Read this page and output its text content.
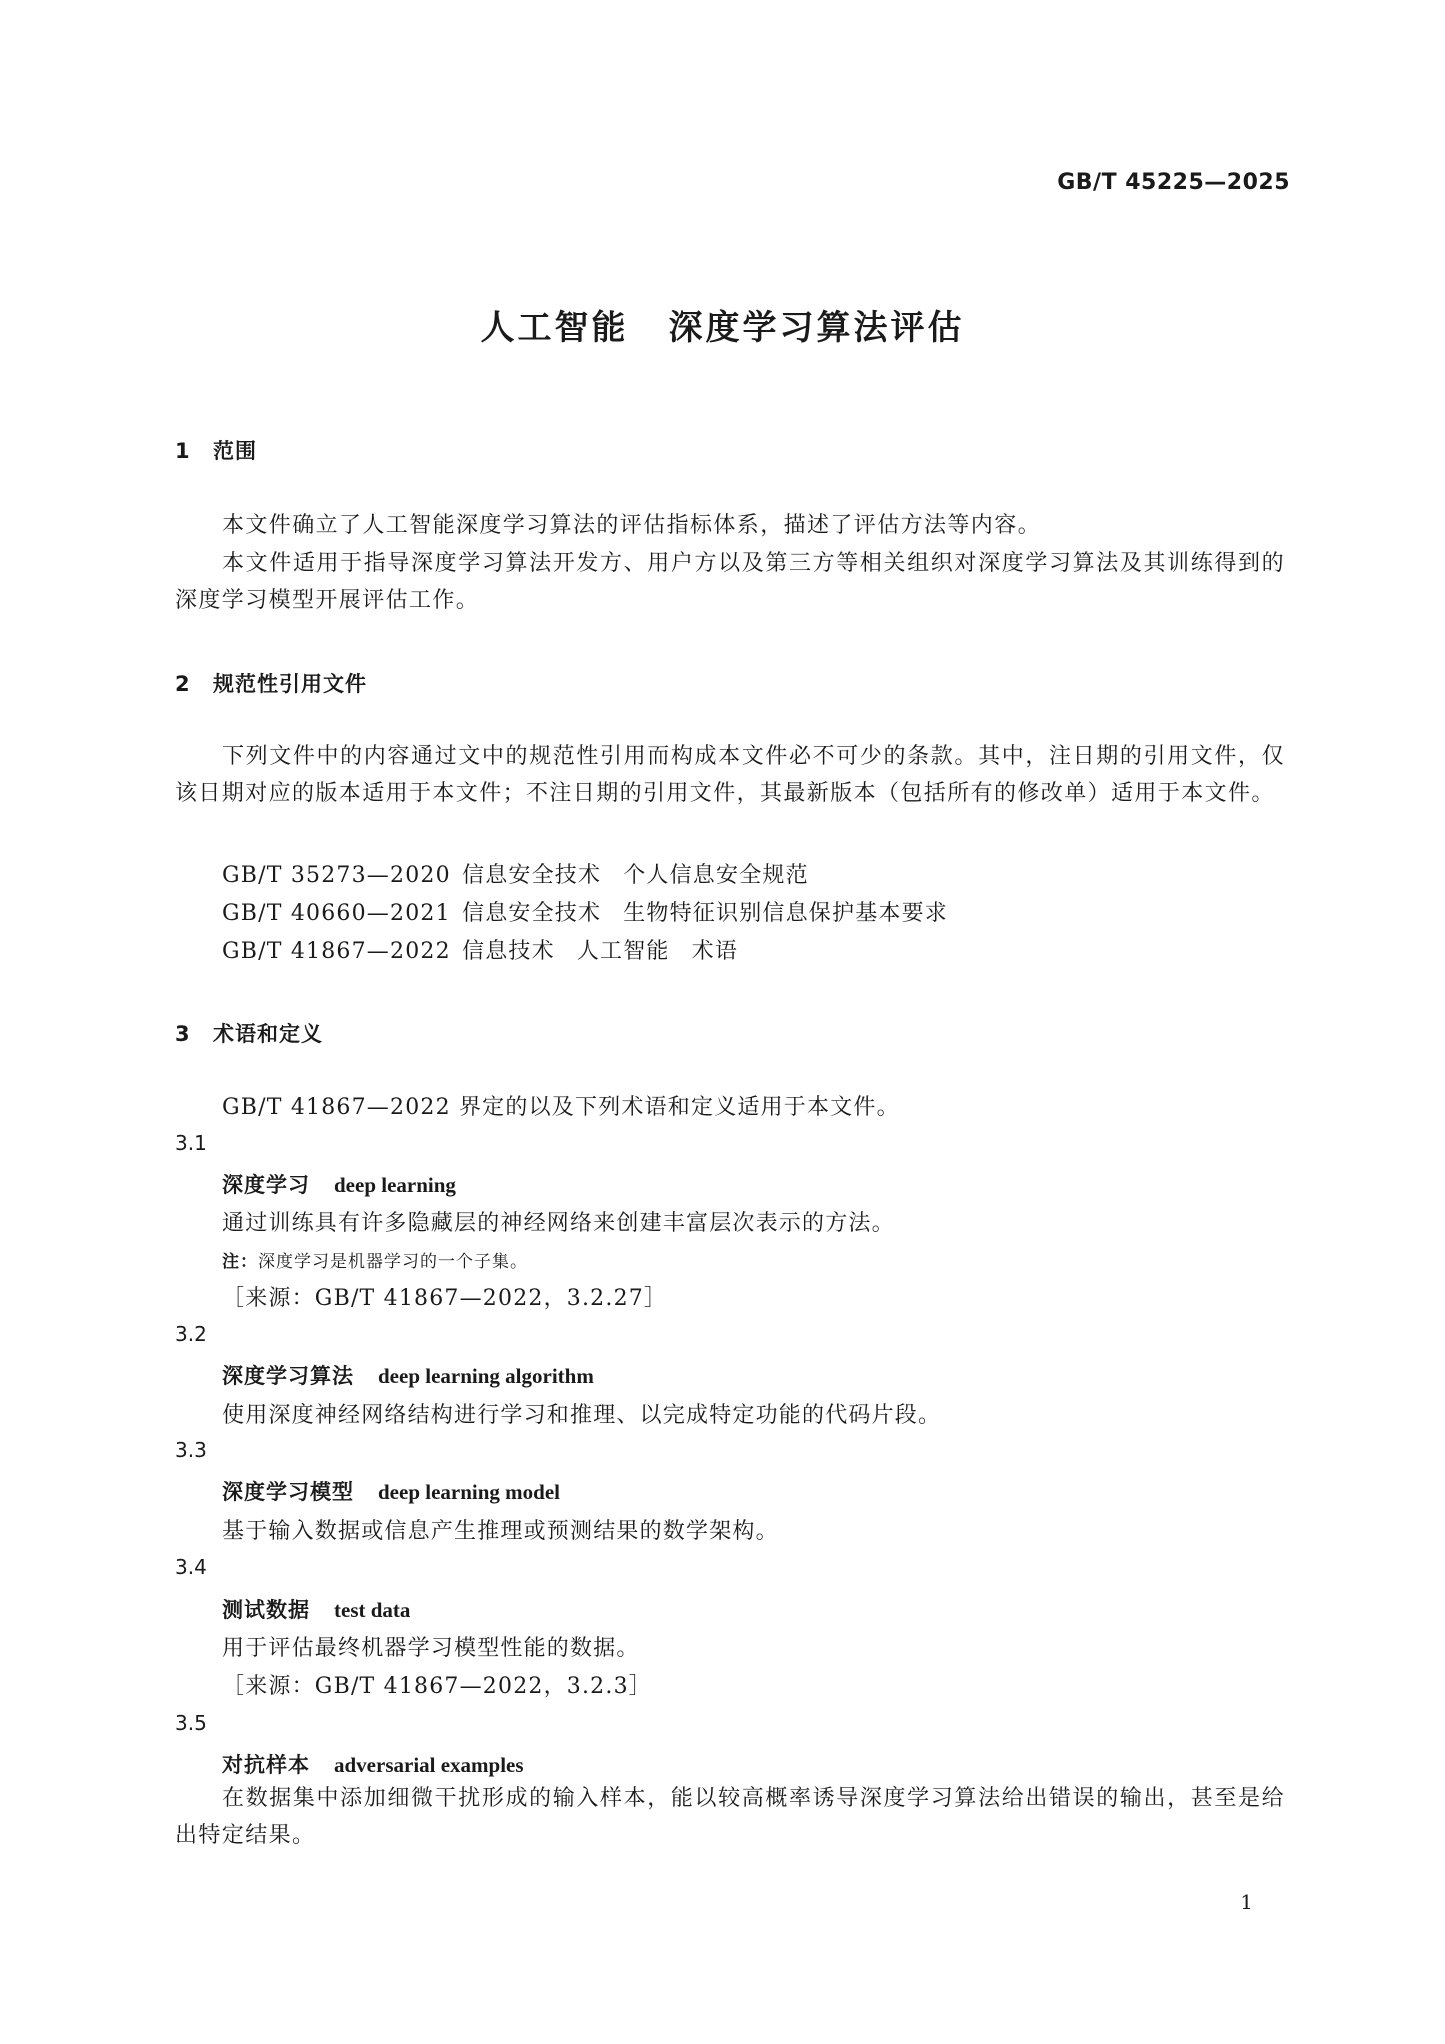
GB/T 45225—2025
人工智能 深度学习算法评估
1 范围

本文件确立了人工智能深度学习算法的评估指标体系，描述了评估方法等内容。

本文件适用于指导深度学习算法开发方、用户方以及第三方等相关组织对深度学习算法及其训练得到的深度学习模型开展评估工作。

2 规范性引用文件

下列文件中的内容通过文中的规范性引用而构成本文件必不可少的条款。其中，注日期的引用文件，仅该日期对应的版本适用于本文件；不注日期的引用文件，其最新版本（包括所有的修改单）适用于本文件。

GB/T 35273—2020 信息安全技术 个人信息安全规范
GB/T 40660—2021 信息安全技术 生物特征识别信息保护基本要求
GB/T 41867—2022 信息技术 人工智能 术语
3 术语和定义
GB/T 41867—2022 界定的以及下列术语和定义适用于本文件。
3.1
深度学习 deep learning
通过训练具有许多隐藏层的神经网络来创建丰富层次表示的方法。
注：深度学习是机器学习的一个子集。
［来源：GB/T 41867—2022，3.2.27］
3.2
深度学习算法 deep learning algorithm
使用深度神经网络结构进行学习和推理、以完成特定功能的代码片段。
3.3
深度学习模型 deep learning model
基于输入数据或信息产生推理或预测结果的数学架构。
3.4
测试数据 test data
用于评估最终机器学习模型性能的数据。
［来源：GB/T 41867—2022，3.2.3］
3.5
对抗样本 adversarial examples

在数据集中添加细微干扰形成的输入样本，能以较高概率诱导深度学习算法给出错误的输出，甚至是给出特定结果。

1
